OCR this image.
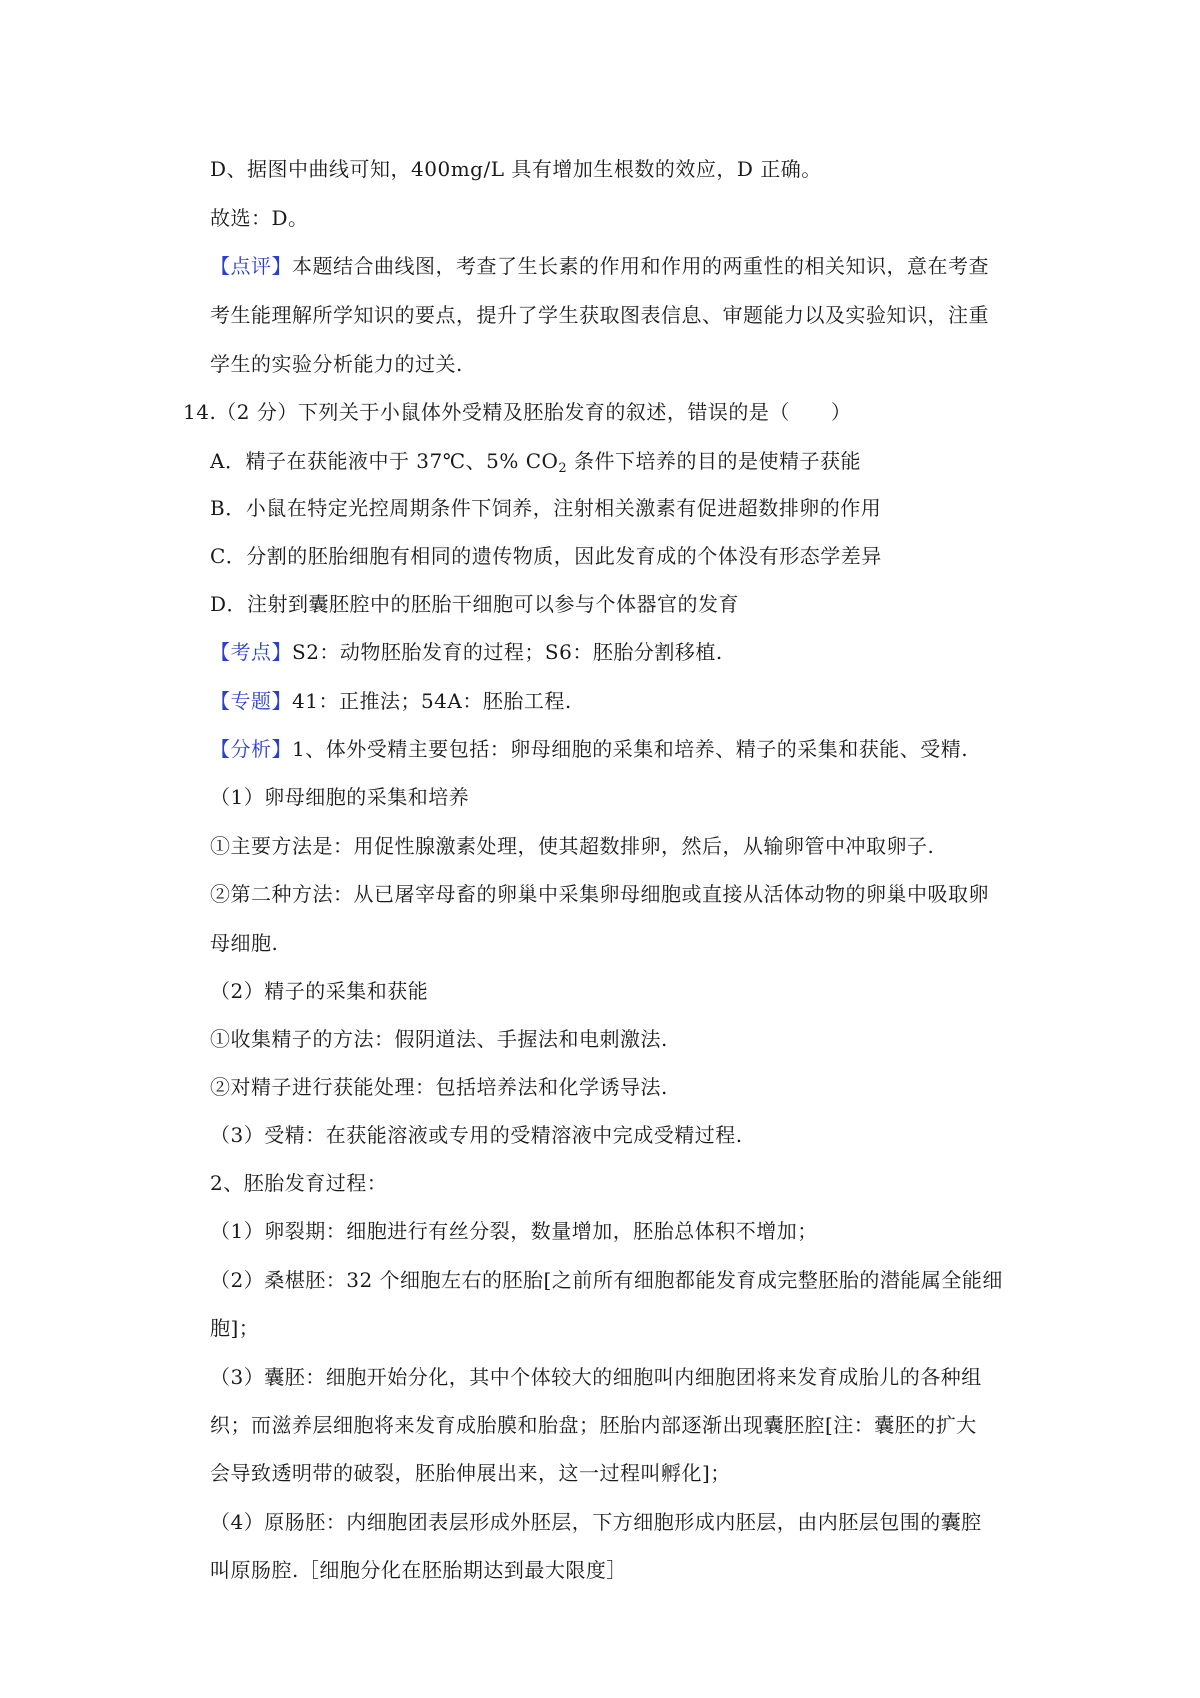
D、据图中曲线可知，400mg/L 具有增加生根数的效应，D 正确。
故选：D。
【点评】本题结合曲线图，考查了生长素的作用和作用的两重性的相关知识，意在考查
考生能理解所学知识的要点，提升了学生获取图表信息、审题能力以及实验知识，注重
学生的实验分析能力的过关.
14.（2 分）下列关于小鼠体外受精及胚胎发育的叙述，错误的是（　　）
A．精子在获能液中于 37℃、5% $CO_2$ 条件下培养的目的是使精子获能
B．小鼠在特定光控周期条件下饲养，注射相关激素有促进超数排卵的作用
C．分割的胚胎细胞有相同的遗传物质，因此发育成的个体没有形态学差异
D．注射到囊胚腔中的胚胎干细胞可以参与个体器官的发育
【考点】S2：动物胚胎发育的过程；S6：胚胎分割移植.
【专题】41：正推法；54A：胚胎工程.
【分析】1、体外受精主要包括：卵母细胞的采集和培养、精子的采集和获能、受精.
（1）卵母细胞的采集和培养
①主要方法是：用促性腺激素处理，使其超数排卵，然后，从输卵管中冲取卵子.
②第二种方法：从已屠宰母畜的卵巢中采集卵母细胞或直接从活体动物的卵巢中吸取卵
母细胞.
（2）精子的采集和获能
①收集精子的方法：假阴道法、手握法和电刺激法.
②对精子进行获能处理：包括培养法和化学诱导法.
（3）受精：在获能溶液或专用的受精溶液中完成受精过程.
2、胚胎发育过程：
（1）卵裂期：细胞进行有丝分裂，数量增加，胚胎总体积不增加；
（2）桑椹胚：32 个细胞左右的胚胎[之前所有细胞都能发育成完整胚胎的潜能属全能细
胞]；
（3）囊胚：细胞开始分化，其中个体较大的细胞叫内细胞团将来发育成胎儿的各种组
织；而滋养层细胞将来发育成胎膜和胎盘；胚胎内部逐渐出现囊胚腔[注：囊胚的扩大
会导致透明带的破裂，胚胎伸展出来，这一过程叫孵化]；
（4）原肠胚：内细胞团表层形成外胚层，下方细胞形成内胚层，由内胚层包围的囊腔
叫原肠腔.［细胞分化在胚胎期达到最大限度］
